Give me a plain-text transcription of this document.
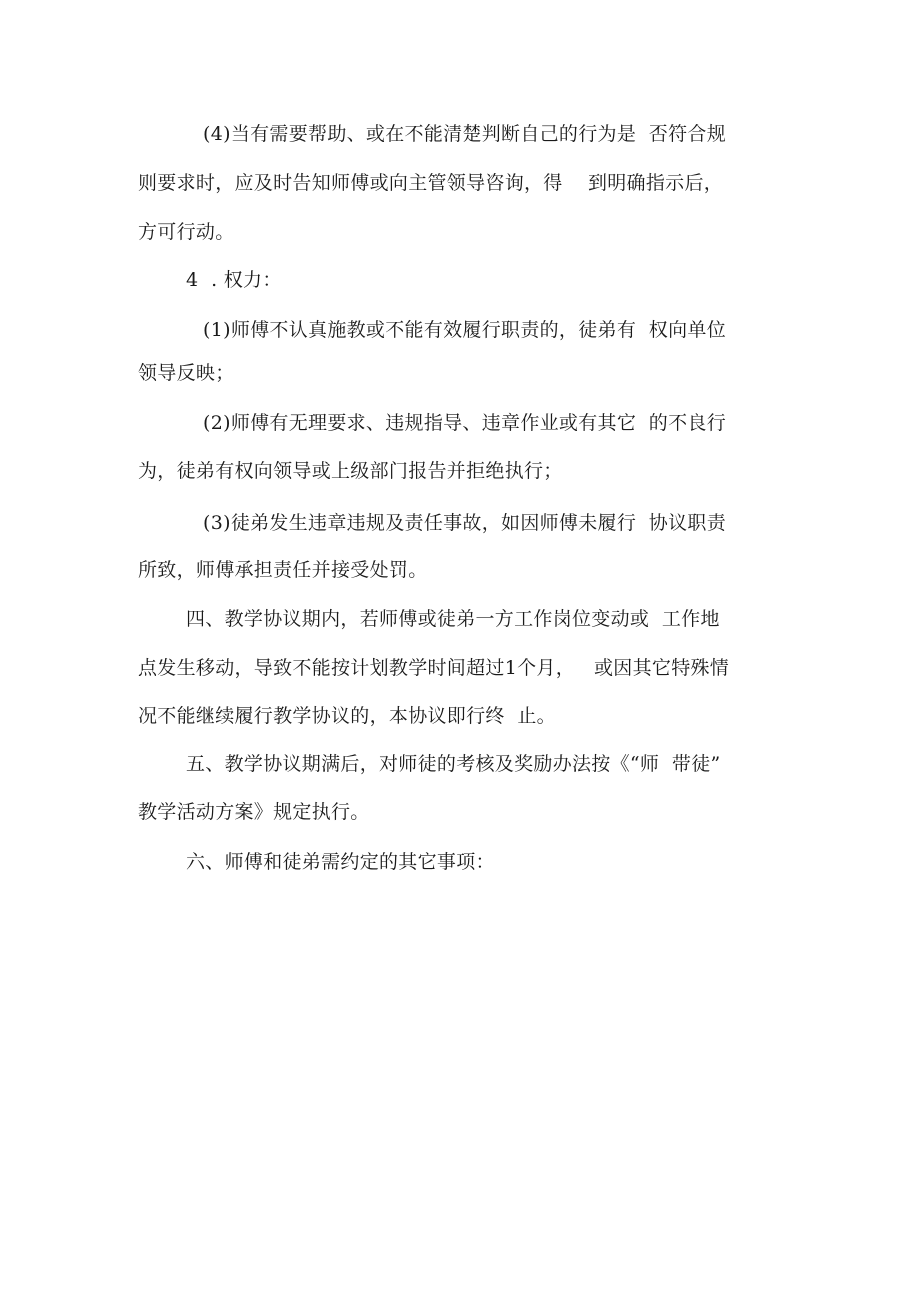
(4)当有需要帮助、或在不能清楚判断自己的行为是  否符合规
则要求时，应及时告知师傅或向主管领导咨询，得    到明确指示后，
方可行动。
4  . 权力：
(1)师傅不认真施教或不能有效履行职责的，徒弟有  权向单位
领导反映；
(2)师傅有无理要求、违规指导、违章作业或有其它  的不良行
为，徒弟有权向领导或上级部门报告并拒绝执行；
(3)徒弟发生违章违规及责任事故，如因师傅未履行  协议职责
所致，师傅承担责任并接受处罚。
四、教学协议期内，若师傅或徒弟一方工作岗位变动或  工作地
点发生移动，导致不能按计划教学时间超过1个月，   或因其它特殊情
况不能继续履行教学协议的，本协议即行终  止。
五、教学协议期满后，对师徒的考核及奖励办法按《“师  带徒”
教学活动方案》规定执行。
六、师傅和徒弟需约定的其它事项：
